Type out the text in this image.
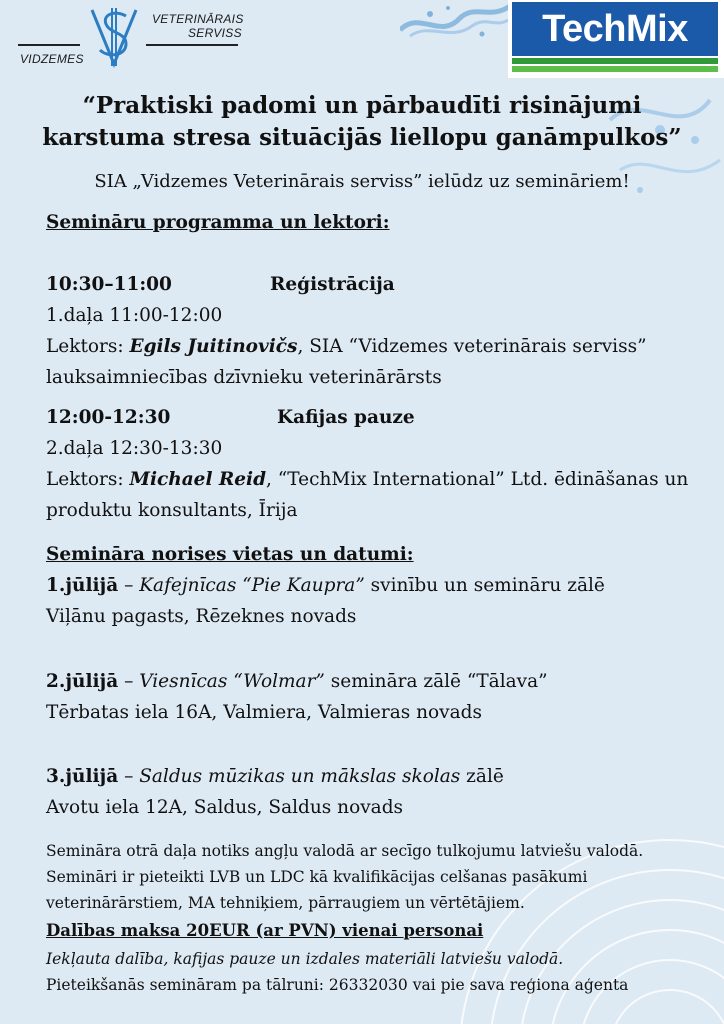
VETERINĀRAIS
SERVISS
VIDZEMES
TechMix
“Praktiski padomi un pārbaudīti risinājumi
karstuma stresa situācijās liellopu ganāmpulkos”
SIA „Vidzemes Veterinārais serviss” ielūdz uz semināriem!
Semināru programma un lektori:
10:30–11:00	Reģistrācija
1.daļa 11:00-12:00
Lektors: Egils Juitinovičs, SIA “Vidzemes veterinārais serviss”
lauksaimniecības dzīvnieku veterinārārsts
12:00-12:30	Kafijas pauze
2.daļa 12:30-13:30
Lektors: Michael Reid, “TechMix International” Ltd. ēdināšanas un
produktu konsultants, Īrija
Semināra norises vietas un datumi:
1.jūlijā – Kafejnīcas “Pie Kaupra” svinību un semināru zālē
Viļānu pagasts, Rēzeknes novads
2.jūlijā – Viesnīcas “Wolmar” semināra zālē “Tālava”
Tērbatas iela 16A, Valmiera, Valmieras novads
3.jūlijā – Saldus mūzikas un mākslas skolas zālē
Avotu iela 12A, Saldus, Saldus novads
Semināra otrā daļa notiks angļu valodā ar secīgo tulkojumu latviešu valodā.
Semināri ir pieteikti LVB un LDC kā kvalifikācijas celšanas pasākumi
veterinārārstiem, MA tehniķiem, pārraugiem un vērtētājiem.
Dalības maksa 20EUR (ar PVN) vienai personai
Iekļauta dalība, kafijas pauze un izdales materiāli latviešu valodā.
Pieteikšanās semināram pa tālruni: 26332030 vai pie sava reģiona aģenta
